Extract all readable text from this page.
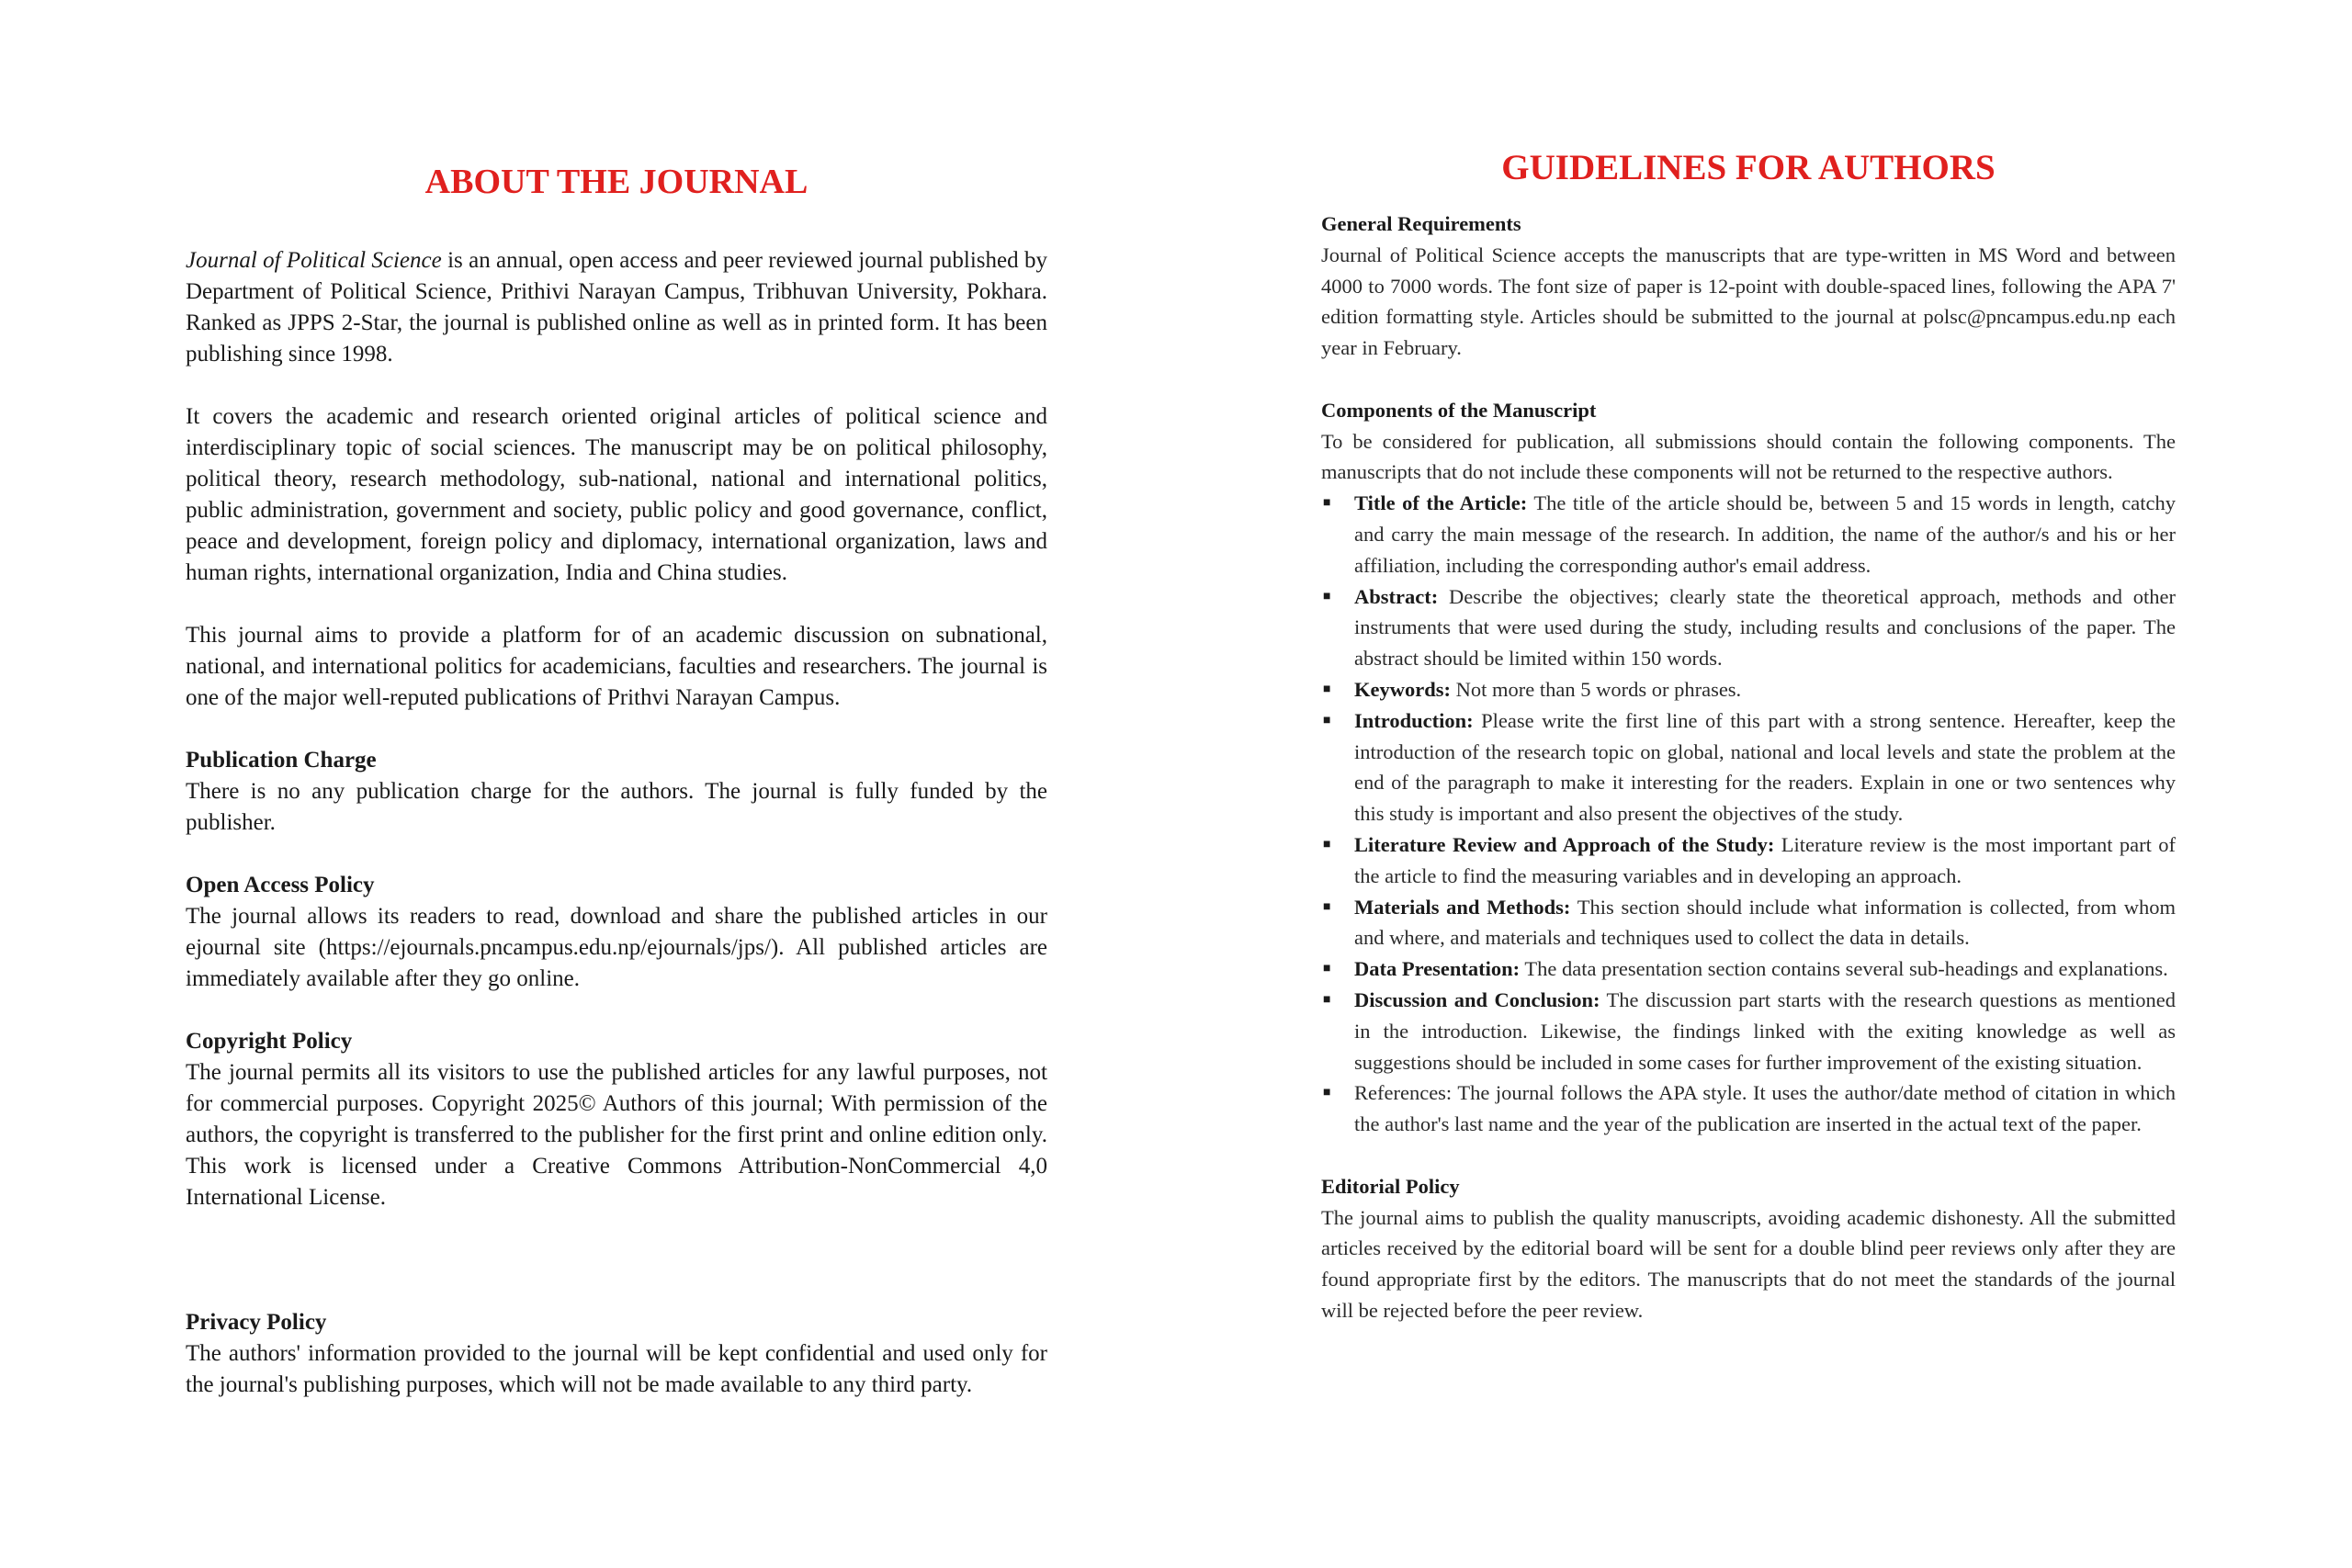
ABOUT THE JOURNAL

Journal of Political Science is an annual, open access and peer reviewed journal published by Department of Political Science, Prithivi Narayan Campus, Tribhuvan University, Pokhara. Ranked as JPPS 2-Star, the journal is published online as well as in printed form. It has been publishing since 1998.

It covers the academic and research oriented original articles of political science and interdisciplinary topic of social sciences. The manuscript may be on political philosophy, political theory, research methodology, sub-national, national and international politics, public administration, government and society, public policy and good governance, conflict, peace and development, foreign policy and diplomacy, international organization, laws and human rights, international organization, India and China studies.

This journal aims to provide a platform for of an academic discussion on subnational, national, and international politics for academicians, faculties and researchers. The journal is one of the major well-reputed publications of Prithvi Narayan Campus.

Publication Charge

There is no any publication charge for the authors. The journal is fully funded by the publisher.

Open Access Policy

The journal allows its readers to read, download and share the published articles in our ejournal site (https://ejournals.pncampus.edu.np/ejournals/jps/). All published articles are immediately available after they go online.

Copyright Policy

The journal permits all its visitors to use the published articles for any lawful purposes, not for commercial purposes. Copyright 2025© Authors of this journal; With permission of the authors, the copyright is transferred to the publisher for the first print and online edition only. This work is licensed under a Creative Commons Attribution-NonCommercial 4,0 International License.

Privacy Policy

The authors' information provided to the journal will be kept confidential and used only for the journal's publishing purposes, which will not be made available to any third party.

GUIDELINES FOR AUTHORS
General Requirements

Journal of Political Science accepts the manuscripts that are type-written in MS Word and between 4000 to 7000 words. The font size of paper is 12-point with double-spaced lines, following the APA 7' edition formatting style. Articles should be submitted to the journal at polsc@pncampus.edu.np each year in February.

Components of the Manuscript

To be considered for publication, all submissions should contain the following components. The manuscripts that do not include these components will not be returned to the respective authors.

■ Title of the Article: The title of the article should be, between 5 and 15 words in length, catchy and carry the main message of the research. In addition, the name of the author/s and his or her affiliation, including the corresponding author's email address.
■ Abstract: Describe the objectives; clearly state the theoretical approach, methods and other instruments that were used during the study, including results and conclusions of the paper. The abstract should be limited within 150 words.
■ Keywords: Not more than 5 words or phrases.
■ Introduction: Please write the first line of this part with a strong sentence. Hereafter, keep the introduction of the research topic on global, national and local levels and state the problem at the end of the paragraph to make it interesting for the readers. Explain in one or two sentences why this study is important and also present the objectives of the study.
■ Literature Review and Approach of the Study: Literature review is the most important part of the article to find the measuring variables and in developing an approach.
■ Materials and Methods: This section should include what information is collected, from whom and where, and materials and techniques used to collect the data in details.
■ Data Presentation: The data presentation section contains several sub-headings and explanations.
■ Discussion and Conclusion: The discussion part starts with the research questions as mentioned in the introduction. Likewise, the findings linked with the exiting knowledge as well as suggestions should be included in some cases for further improvement of the existing situation.
■ References: The journal follows the APA style. It uses the author/date method of citation in which the author's last name and the year of the publication are inserted in the actual text of the paper.
Editorial Policy

The journal aims to publish the quality manuscripts, avoiding academic dishonesty. All the submitted articles received by the editorial board will be sent for a double blind peer reviews only after they are found appropriate first by the editors. The manuscripts that do not meet the standards of the journal will be rejected before the peer review.
